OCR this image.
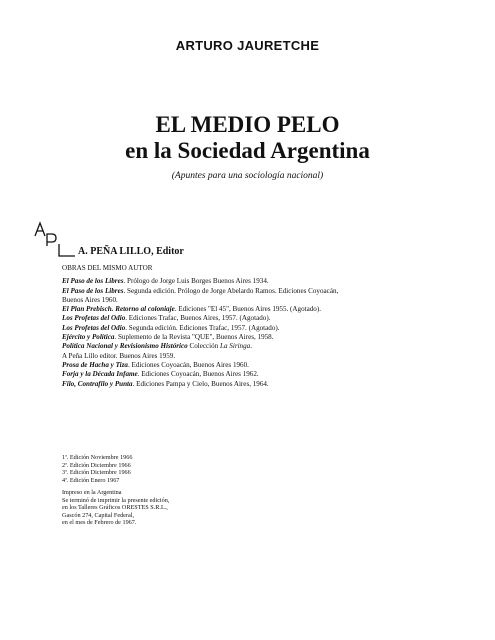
ARTURO JAURETCHE
EL MEDIO PELO
en la Sociedad Argentina
(Apuntes para una sociología nacional)
A. PEÑA LILLO, Editor
OBRAS DEL MISMO AUTOR
El Paso de los Libres. Prólogo de Jorge Luis Borges Buenos Aires 1934.
El Paso de los Libres. Segunda edición. Prólogo de Jorge Abelardo Ramos. Ediciones Coyoacán,
Buenos Aires 1960.
El Plan Prebisch. Retorno al coloniaje. Ediciones "El 45", Buenos Aires 1955. (Agotado).
Los Profetas del Odio. Ediciones Trafac, Buenos Aires, 1957. (Agotado).
Los Profetas del Odio. Segunda edición. Ediciones Trafac, 1957. (Agotado).
Ejército y Política. Suplemento de la Revista "QUE", Buenos Aires, 1958.
Política Nacional y Revisionismo Histórico Colección La Siringa.
A Peña Lillo editor. Buenos Aires 1959.
Prosa de Hacha y Tiza. Ediciones Coyoacán, Buenos Aires 1960.
Forja y la Década Infame. Ediciones Coyoacán, Buenos Aires 1962.
Filo, Contrafilo y Punta. Ediciones Pampa y Cielo, Buenos Aires, 1964.
1ª. Edición Noviembre 1966
2ª. Edición Diciembre 1966
3ª. Edición Diciembre 1966
4ª. Edición Enero 1967
Impreso en la Argentina
Se terminó de imprimir la presente edición,
en los Talleres Gráficos ORESTES S.R.L.,
Gascón 274, Capital Federal,
en el mes de Febrero de 1967.
